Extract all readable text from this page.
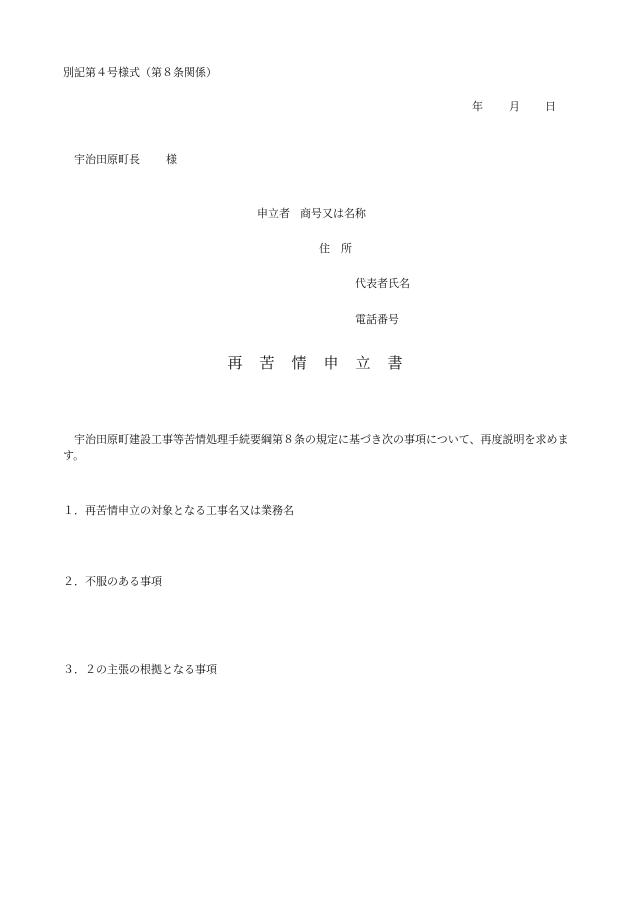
別記第４号様式（第８条関係）
年 月 日
宇治田原町長 様
申立者 商号又は名称
住　所
代表者氏名
電話番号
再苦情申立書
宇治田原町建設工事等苦情処理手続要綱第８条の規定に基づき次の事項について、再度説明を求めます。
１．再苦情申立の対象となる工事名又は業務名
２．不服のある事項
３．２の主張の根拠となる事項
